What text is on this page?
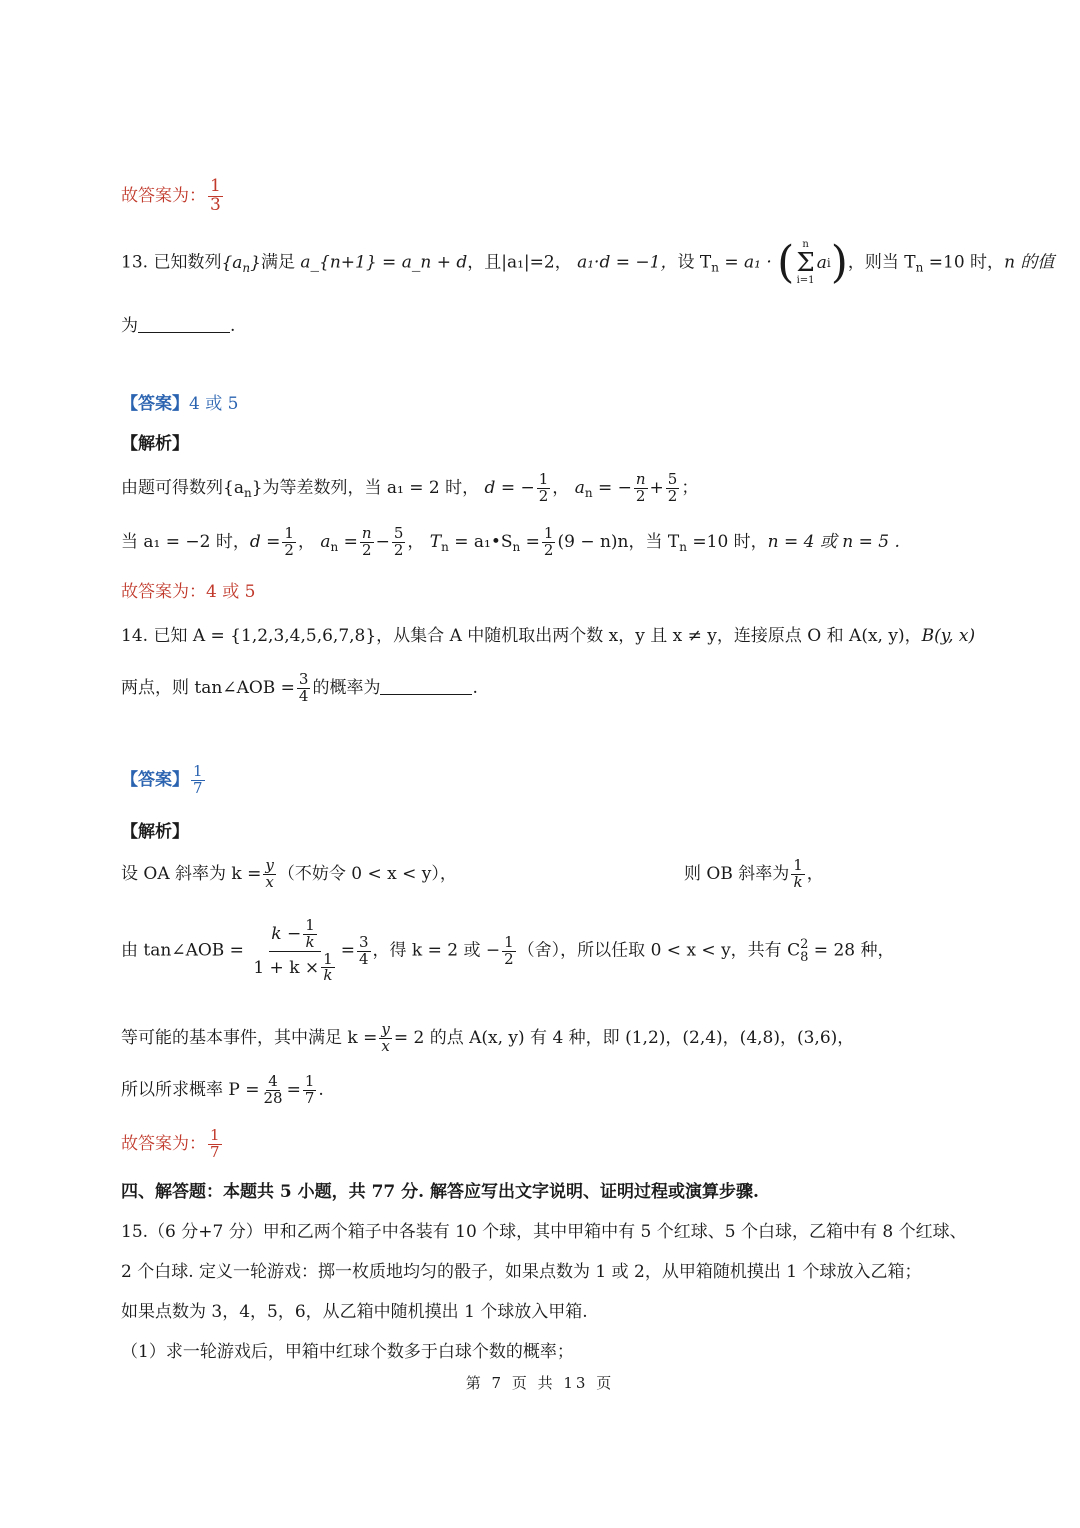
故答案为： $\frac{1}{3}$
13. 已知数列$\{a_n\}$满足 a_{n+1} = a_n + d，且|a₁|=2， a₁·d = −1，设 $T_n = a_1$ · ( n
Σ
i=1
a i ) ，则当 $T_n =10$ 时，n 的值
为	.
【答案】4 或 5
【解析】
由题可得数列$\{a_n\}$为等差数列，当 a₁ = 2 时， d = − $\frac{1}{2}$ ， $a_n$ = − $\frac{n}{2} + \frac{5}{2}$ ；
当 a₁ = −2 时，$d = \frac{1}{2}$ ， $a_n = \frac{n}{2} - \frac{5}{2}$ ， $T_n$ = $a_1•S_n = \frac{1}{2} (9 - n)n$，当 $T_n =10$ 时，n = 4 或 n = 5 .
故答案为：4 或 5
14. 已知 A = {1,2,3,4,5,6,7,8}，从集合 A 中随机取出两个数 x，y 且 x ≠ y，连接原点 O 和 A(x, y)，B(y, x)
两点，则 tan∠AOB = $\frac{3}{4}$ 的概率为	.
【答案】 $\frac{1}{7}$
【解析】
设 OA 斜率为 $k = \frac{y}{x}$ （不妨令 0 < x < y），	则 OB 斜率为 $\frac{1}{k}$ ，
由 tan∠AOB = $\frac{k - \frac{1}{k}}{1 + k \times \frac{1}{k}} = \frac{3}{4}$ ，得 k = 2 或 − $\frac{1}{2}$ （舍），所以任取 0 < x < y，共有 C 2
8 = 28 种，
等可能的基本事件，其中满足 $k = \frac{y}{x} = 2$ 的点 A(x, y) 有 4 种，即 (1,2)，(2,4)，(4,8)，(3,6)，
所以所求概率 $P = \frac{4}{28} = \frac{1}{7}$ .
故答案为： $\frac{1}{7}$
四、解答题：本题共 5 小题，共 77 分. 解答应写出文字说明、证明过程或演算步骤.
15.（6 分+7 分）甲和乙两个箱子中各装有 10 个球，其中甲箱中有 5 个红球、5 个白球，乙箱中有 8 个红球、
2 个白球. 定义一轮游戏：掷一枚质地均匀的骰子，如果点数为 1 或 2，从甲箱随机摸出 1 个球放入乙箱；
如果点数为 3，4，5，6，从乙箱中随机摸出 1 个球放入甲箱.
（1）求一轮游戏后，甲箱中红球个数多于白球个数的概率；
第 7 页 共 13 页
